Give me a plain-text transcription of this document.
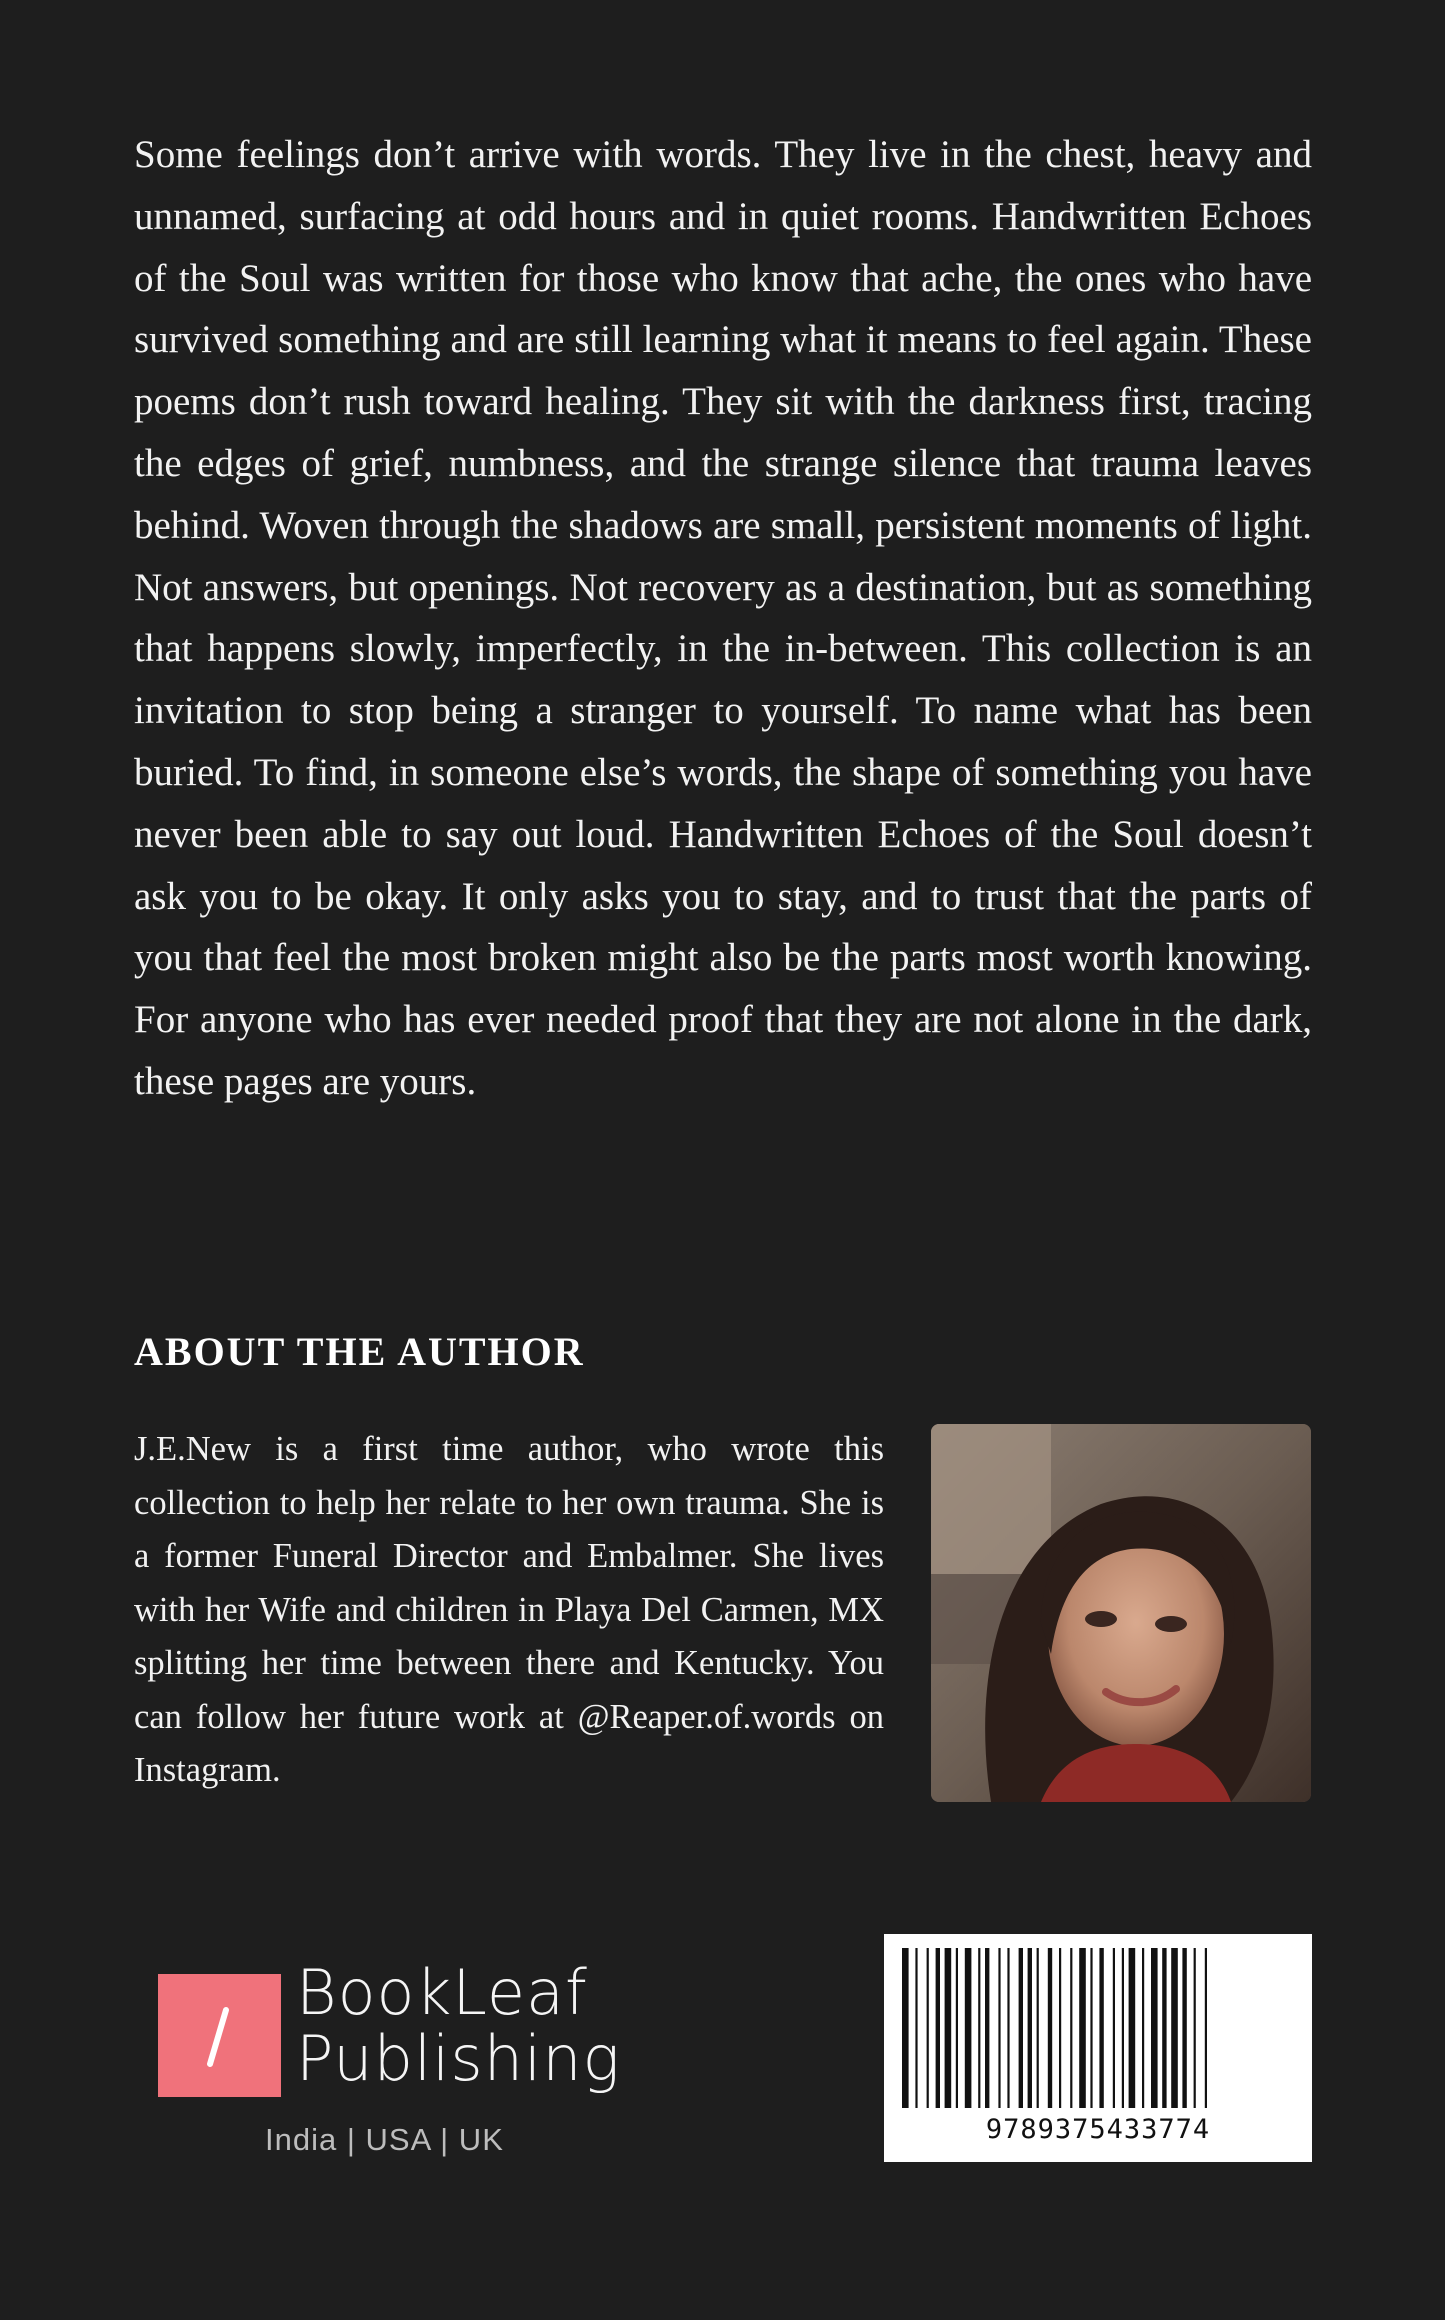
Some feelings don’t arrive with words. They live in the chest, heavy and unnamed, surfacing at odd hours and in quiet rooms. Handwritten Echoes of the Soul was written for those who know that ache, the ones who have survived something and are still learning what it means to feel again. These poems don’t rush toward healing. They sit with the darkness first, tracing the edges of grief, numbness, and the strange silence that trauma leaves behind. Woven through the shadows are small, persistent moments of light. Not answers, but openings. Not recovery as a destination, but as something that happens slowly, imperfectly, in the in-between. This collection is an invitation to stop being a stranger to yourself. To name what has been buried. To find, in someone else’s words, the shape of something you have never been able to say out loud. Handwritten Echoes of the Soul doesn’t ask you to be okay. It only asks you to stay, and to trust that the parts of you that feel the most broken might also be the parts most worth knowing. For anyone who has ever needed proof that they are not alone in the dark, these pages are yours.

ABOUT THE AUTHOR

J.E.New is a first time author, who wrote this collection to help her relate to her own trauma. She is a former Funeral Director and Embalmer. She lives with her Wife and children in Playa Del Carmen, MX splitting her time between there and Kentucky. You can follow her future work at @Reaper.of.words on Instagram.

BookLeaf
Publishing
India | USA | UK	9789375433774
